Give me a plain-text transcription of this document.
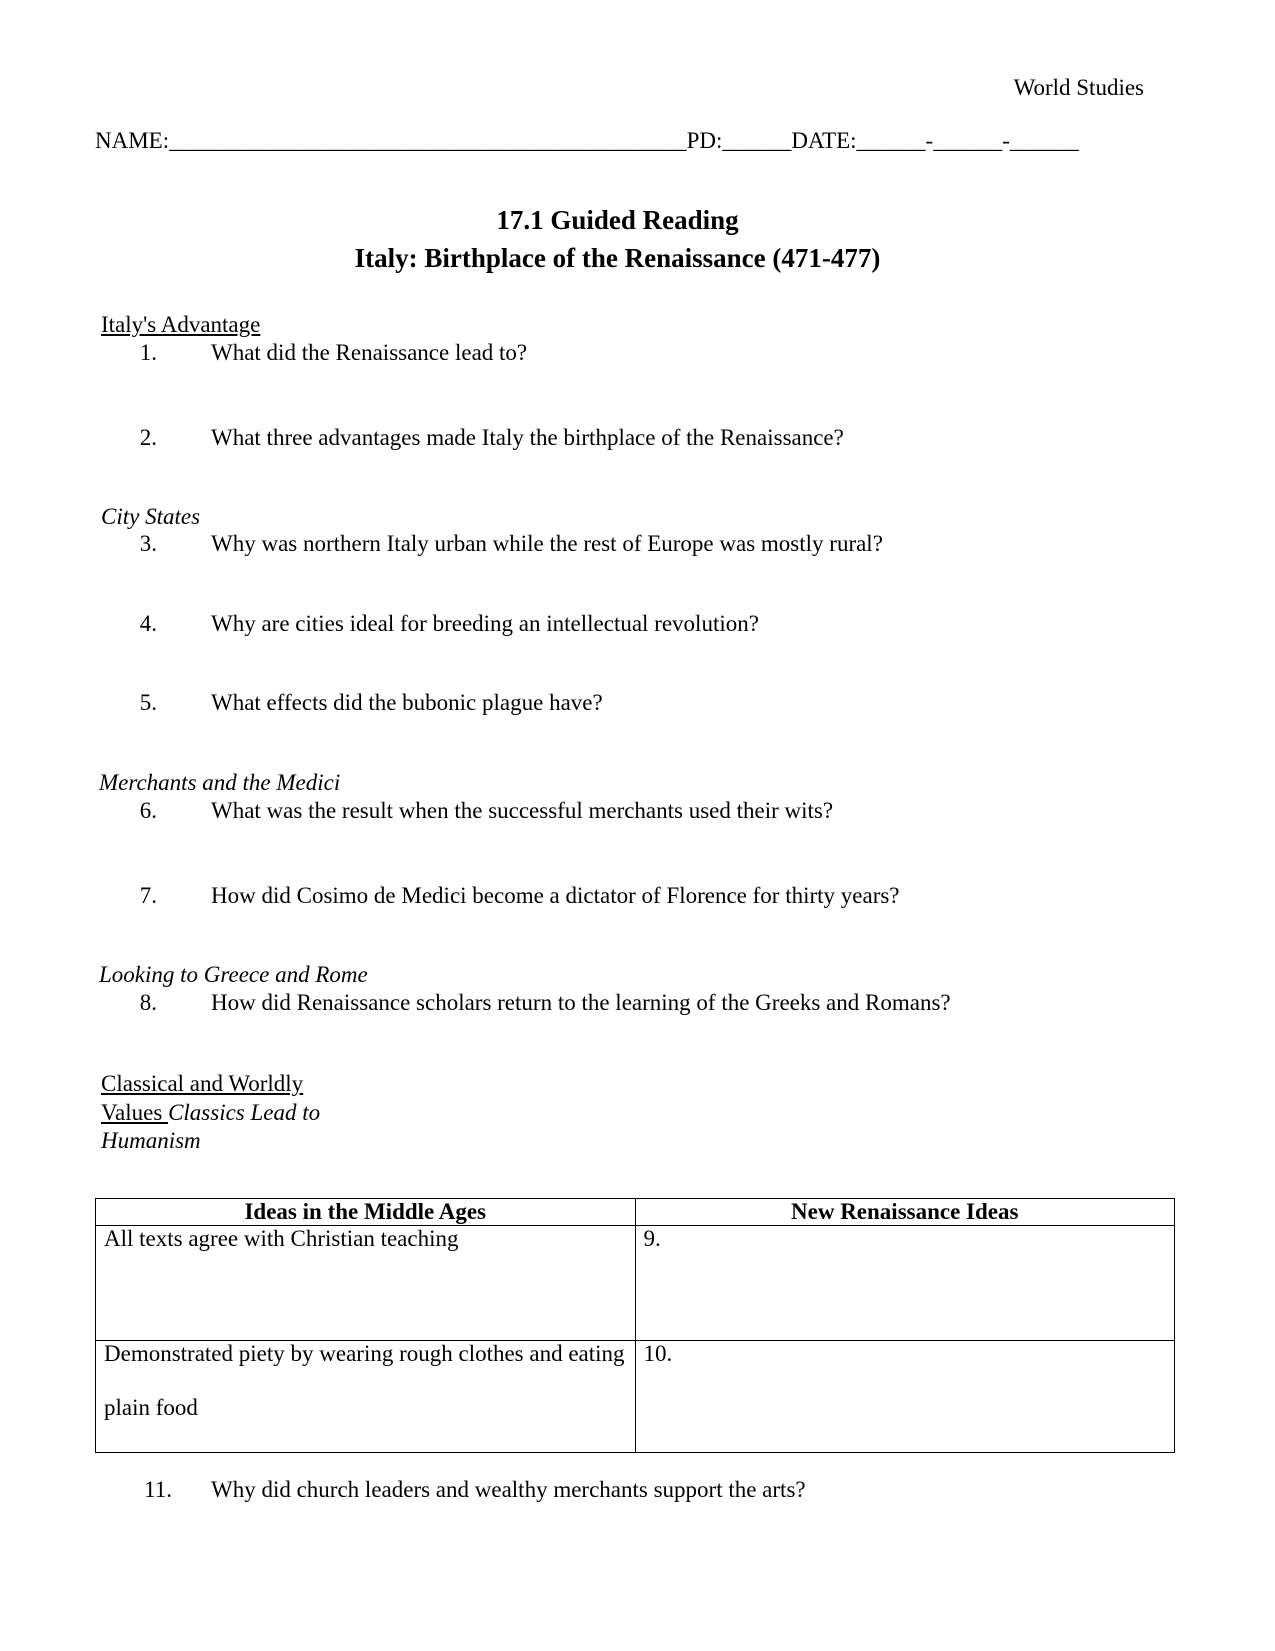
World Studies
NAME:_____________________________________________PD:______DATE:______-______-______
17.1 Guided Reading
Italy: Birthplace of the Renaissance (471-477)
Italy's Advantage
1. What did the Renaissance lead to?
2. What three advantages made Italy the birthplace of the Renaissance?
City States
3. Why was northern Italy urban while the rest of Europe was mostly rural?
4. Why are cities ideal for breeding an intellectual revolution?
5. What effects did the bubonic plague have?
Merchants and the Medici
6. What was the result when the successful merchants used their wits?
7. How did Cosimo de Medici become a dictator of Florence for thirty years?
Looking to Greece and Rome
8. How did Renaissance scholars return to the learning of the Greeks and Romans?
Classical and Worldly
Values Classics Lead to
Humanism
Ideas in the Middle Ages	New Renaissance Ideas
All texts agree with Christian teaching	9.

Demonstrated piety by wearing rough clothes and eating plain food	10.
11. Why did church leaders and wealthy merchants support the arts?
